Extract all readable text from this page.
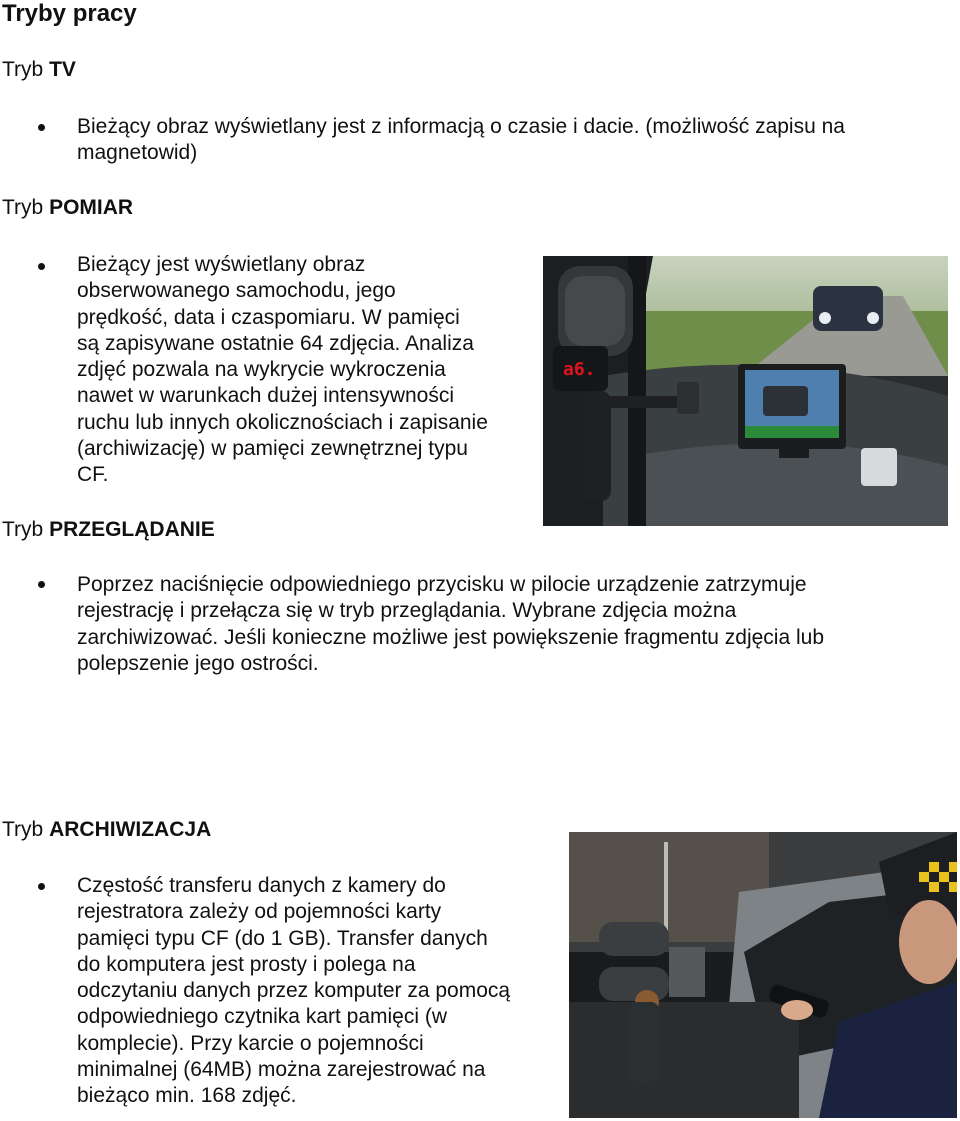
Tryby pracy
Tryb TV
Bieżący obraz wyświetlany jest z informacją o czasie i dacie. (możliwość zapisu na
magnetowid)
Tryb POMIAR
Bieżący jest wyświetlany obraz
obserwowanego samochodu, jego
prędkość, data i czaspomiaru. W pamięci
są zapisywane ostatnie 64 zdjęcia. Analiza
zdjęć pozwala na wykrycie wykroczenia
nawet w warunkach dużej intensywności
ruchu lub innych okolicznościach i zapisanie
(archiwizację) w pamięci zewnętrznej typu
CF.
a6.
Tryb PRZEGLĄDANIE
Poprzez naciśnięcie odpowiedniego przycisku w pilocie urządzenie zatrzymuje
rejestrację i przełącza się w tryb przeglądania. Wybrane zdjęcia można
zarchiwizować. Jeśli konieczne możliwe jest powiększenie fragmentu zdjęcia lub
polepszenie jego ostrości.
Tryb ARCHIWIZACJA
Częstość transferu danych z kamery do
rejestratora zależy od pojemności karty
pamięci typu CF (do 1 GB). Transfer danych
do komputera jest prosty i polega na
odczytaniu danych przez komputer za pomocą
odpowiedniego czytnika kart pamięci (w
komplecie). Przy karcie o pojemności
minimalnej (64MB) można zarejestrować na
bieżąco min. 168 zdjęć.
